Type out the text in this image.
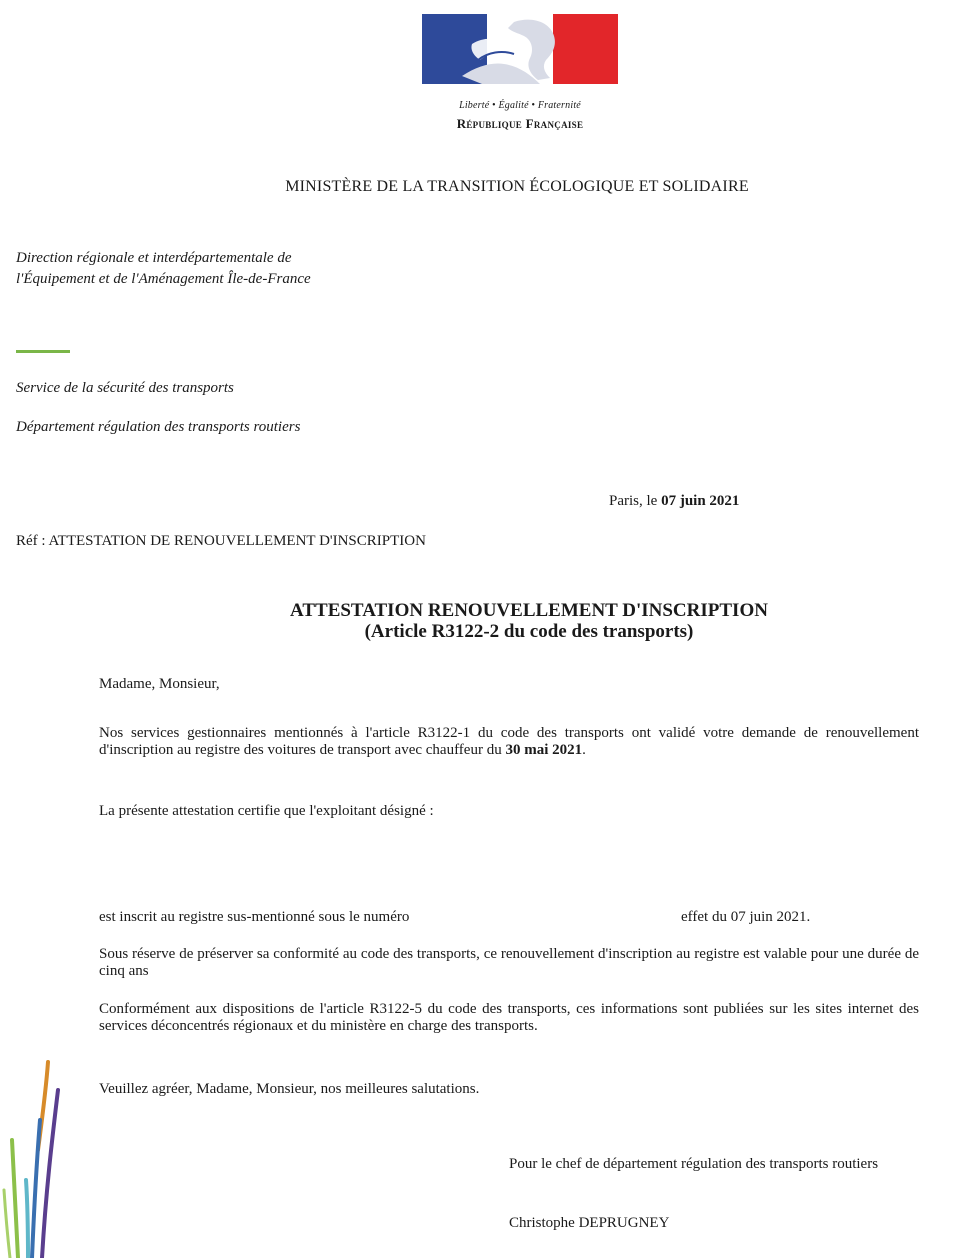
Liberté • Égalité • Fraternité
République Française
MINISTÈRE DE LA TRANSITION ÉCOLOGIQUE ET SOLIDAIRE
Direction régionale et interdépartementale de
l'Équipement et de l'Aménagement Île-de-France
Service de la sécurité des transports
Département régulation des transports routiers
Paris, le 07 juin 2021
Réf : ATTESTATION DE RENOUVELLEMENT D'INSCRIPTION
ATTESTATION RENOUVELLEMENT D'INSCRIPTION
(Article R3122-2 du code des transports)
Madame, Monsieur,
Nos services gestionnaires mentionnés à l'article R3122-1 du code des transports ont validé votre demande de renouvellement d'inscription au registre des voitures de transport avec chauffeur du 30 mai 2021.
La présente attestation certifie que l'exploitant désigné :
est inscrit au registre sus-mentionné sous le numéro	effet du 07 juin 2021.
Sous réserve de préserver sa conformité au code des transports, ce renouvellement d'inscription au registre est valable pour une durée de cinq ans
Conformément aux dispositions de l'article R3122-5 du code des transports, ces informations sont publiées sur les sites internet des services déconcentrés régionaux et du ministère en charge des transports.
Veuillez agréer, Madame, Monsieur, nos meilleures salutations.
Pour le chef de département régulation des transports routiers
Christophe DEPRUGNEY
